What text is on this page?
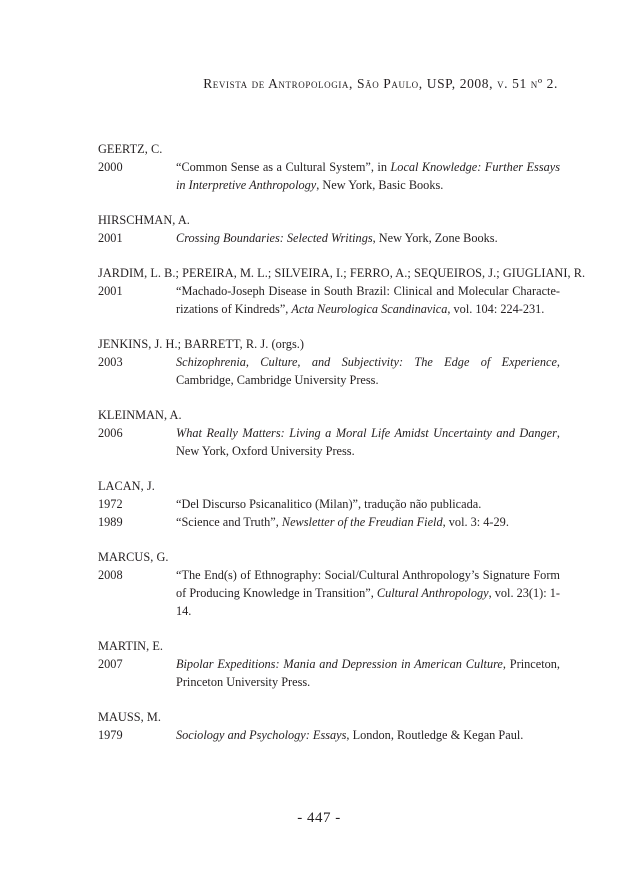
Revista de Antropologia, São Paulo, USP, 2008, v. 51 nº 2.
GEERTZ, C.
2000	“Common Sense as a Cultural System”, in Local Knowledge: Further Essays in Interpretive Anthropology, New York, Basic Books.
HIRSCHMAN, A.
2001	Crossing Boundaries: Selected Writings, New York, Zone Books.
JARDIM, L. B.; PEREIRA, M. L.; SILVEIRA, I.; FERRO, A.; SEQUEIROS, J.; GIUGLIANI, R.
2001	“Machado-Joseph Disease in South Brazil: Clinical and Molecular Characte-rizations of Kindreds”, Acta Neurologica Scandinavica, vol. 104: 224-231.
JENKINS, J. H.; BARRETT, R. J. (orgs.)
2003	Schizophrenia, Culture, and Subjectivity: The Edge of Experience, Cambridge, Cambridge University Press.
KLEINMAN, A.
2006	What Really Matters: Living a Moral Life Amidst Uncertainty and Danger, New York, Oxford University Press.
LACAN, J.
1972	“Del Discurso Psicanalitico (Milan)”, tradução não publicada.
1989	“Science and Truth”, Newsletter of the Freudian Field, vol. 3: 4-29.
MARCUS, G.
2008	“The End(s) of Ethnography: Social/Cultural Anthropology’s Signature Form of Producing Knowledge in Transition”, Cultural Anthropology, vol. 23(1): 1-14.
MARTIN, E.
2007	Bipolar Expeditions: Mania and Depression in American Culture, Princeton, Princeton University Press.
MAUSS, M.
1979	Sociology and Psychology: Essays, London, Routledge & Kegan Paul.
- 447 -
